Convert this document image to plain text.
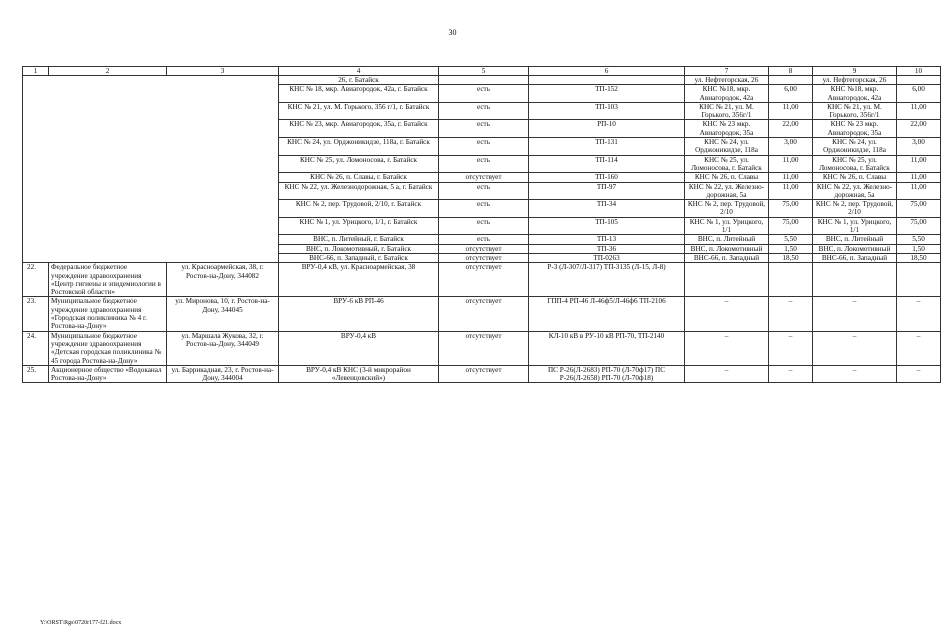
30
1	2	3	4	5	6	7	8	9	10
			26, г. Батайск			ул. Нефтегорская, 26		ул. Нефтегорская, 26	
			КНС № 18, мкр. Авиагородок, 42а, г. Батайск	есть	ТП-152	КНС №18, мкр. Авиагородок, 42а	6,00	КНС №18, мкр. Авиагородок, 42а	6,00
			КНС № 21, ул. М. Горького, 356 г/1, г. Батайск	есть	ТП-103	КНС № 21, ул. М. Горького, 356г/1	11,00	КНС № 21, ул. М. Горького, 356г/1	11,00
			КНС № 23, мкр. Авиагородок, 35а, г. Батайск	есть	РП-10	КНС № 23 мкр. Авиагородок, 35а	22,00	КНС № 23 мкр. Авиагородок, 35а	22,00
			КНС № 24, ул. Орджоникидзе, 118а, г. Батайск	есть	ТП-131	КНС № 24, ул. Орджоникидзе, 118а	3,00	КНС № 24, ул. Орджоникидзе, 118а	3,00
			КНС № 25, ул. Ломоносова, г. Батайск	есть	ТП-114	КНС № 25, ул. Ломоносова, г. Батайск	11,00	КНС № 25, ул. Ломоносова, г. Батайск	11,00
			КНС № 26, п. Славы, г. Батайск	отсутствует	ТП-160	КНС № 26, п. Славы	11,00	КНС № 26, п. Славы	11,00
			КНС № 22, ул. Железнодорожная, 5 а, г. Батайск	есть	ТП-97	КНС № 22, ул. Железно-дорожная, 5а	11,00	КНС № 22, ул. Железно-дорожная, 5а	11,00
			КНС № 2, пер. Трудовой, 2/10, г. Батайск	есть	ТП-34	КНС № 2, пер. Трудовой, 2/10	75,00	КНС № 2, пер. Трудовой, 2/10	75,00
			КНС № 1, ул. Урицкого, 1/1, г. Батайск	есть	ТП-105	КНС № 1, ул. Урицкого, 1/1	75,00	КНС № 1, ул. Урицкого, 1/1	75,00
			ВНС, п. Литейный, г. Батайск	есть	ТП-13	ВНС, п. Литейный	5,50	ВНС, п. Литейный	5,50
			ВНС, п. Локомотивный, г. Батайск	отсутствует	ТП-36	ВНС, п. Локомотивный	1,50	ВНС, п. Локомотивный	1,50
			ВНС-66, п. Западный, г. Батайск	отсутствует	ТП-0263	ВНС-66, п. Западный	18,50	ВНС-66, п. Западный	18,50
22.	Федеральное бюджетное учреждение здравоохранения «Центр гигиены и эпидемиологии в Ростовской области»	ул. Красноармейская, 38, г. Ростов-на-Дону, 344082	ВРУ-0,4 кВ, ул. Красноармейская, 38	отсутствует	Р-3 (Л-307/Л-317) ТП-3135 (Л-15, Л-8)				
23.	Муниципальное бюджетное учреждение здравоохранения «Городская поликлиника № 4 г. Ростова-на-Дону»	ул. Миронова, 10, г. Ростов-на-Дону, 344045	ВРУ-6 кВ РП-46	отсутствует	ГПП-4 РП-46 Л-46ф5/Л-46ф6 ТП-2106	–	–	–	–
24.	Муниципальное бюджетное учреждение здравоохранения «Детская городская поликлиника № 45 города Ростова-на-Дону»	ул. Маршала Жукова, 32, г. Ростов-на-Дону, 344049	ВРУ-0,4 кВ	отсутствует	КЛ-10 кВ в РУ-10 кВ РП-70, ТП-2140	–	–	–	–
25.	Акционерное общество «Водоканал Ростова-на-Дону»	ул. Баррикадная, 23, г. Ростов-на-Дону, 344004	ВРУ-0,4 кВ КНС (3-й микрорайон «Левенцовский»)	отсутствует	ПС Р-26(Л-2683) РП-70 (Л-70ф17) ПС Р-26(Л-2658) РП-70 (Л-70ф18)	–	–	–	–
Y:\ORST\Rgs\0720r177-f21.docx
